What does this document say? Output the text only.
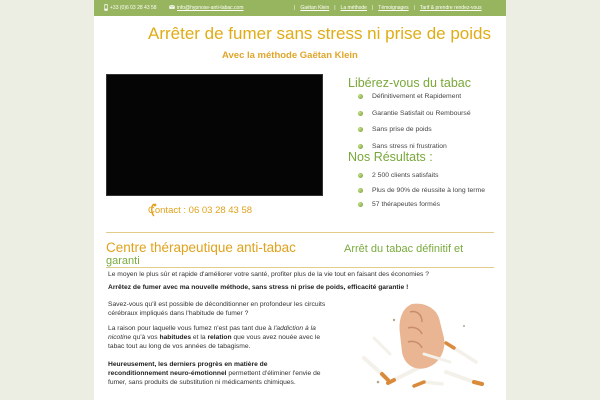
+33 (0)6 03 28 43 58	info@hypnose-anti-tabac.com	| Gaëtan Klein | La méthode | Témoignages | Tarif & prendre rendez-vous
Arrêter de fumer sans stress ni prise de poids
Avec la méthode Gaëtan Klein
Libérez-vous du tabac
Définitivement et Rapidement
Garantie Satisfait ou Remboursé
Sans prise de poids
Sans stress ni frustration
Nos Résultats :
2 500 clients satisfaits
Plus de 90% de réussite à long terme
57 thérapeutes formés
Contact : 06 03 28 43 58
Centre thérapeutique anti-tabac	Arrêt du tabac définitif et
garanti
Le moyen le plus sûr et rapide d'améliorer votre santé, profiter plus de la vie tout en faisant des économies ?
Arrêtez de fumer avec ma nouvelle méthode, sans stress ni prise de poids, efficacité garantie !
Savez-vous qu'il est possible de déconditionner en profondeur les circuits
cérébraux impliqués dans l'habitude de fumer ?
La raison pour laquelle vous fumez n'est pas tant due à l'addiction à la
nicotine qu'à vos habitudes et la relation que vous avez nouée avec le
tabac tout au long de vos années de tabagisme.
Heureusement, les derniers progrès en matière de
reconditionnement neuro-émotionnel permettent d'éliminer l'envie de
fumer, sans produits de substitution ni médicaments chimiques.
